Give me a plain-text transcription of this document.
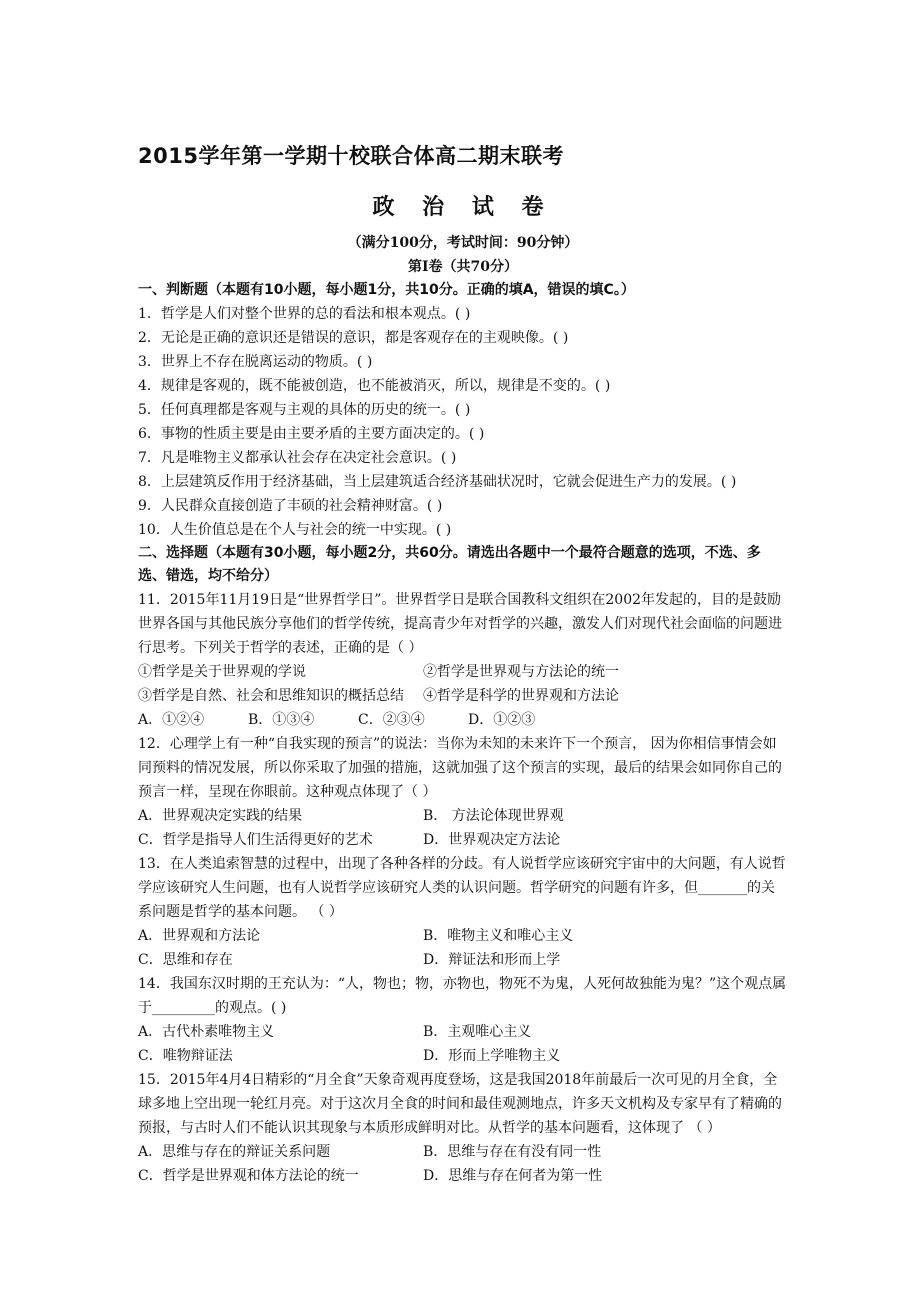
2015学年第一学期十校联合体高二期末联考
政 治 试 卷
（满分100分，考试时间：90分钟）
第Ⅰ卷（共70分）
一、判断题（本题有10小题，每小题1分，共10分。正确的填A，错误的填C。）
1．哲学是人们对整个世界的总的看法和根本观点。( )
2．无论是正确的意识还是错误的意识，都是客观存在的主观映像。( )
3．世界上不存在脱离运动的物质。( )
4．规律是客观的，既不能被创造，也不能被消灭，所以，规律是不变的。( )
5．任何真理都是客观与主观的具体的历史的统一。( )
6．事物的性质主要是由主要矛盾的主要方面决定的。( )
7．凡是唯物主义都承认社会存在决定社会意识。( )
8．上层建筑反作用于经济基础，当上层建筑适合经济基础状况时，它就会促进生产力的发展。( )
9．人民群众直接创造了丰硕的社会精神财富。( )
10．人生价值总是在个人与社会的统一中实现。( )
二、选择题（本题有30小题，每小题2分，共60分。请选出各题中一个最符合题意的选项，不选、多选、错选，均不给分）
11．2015年11月19日是“世界哲学日”。世界哲学日是联合国教科文组织在2002年发起的，目的是鼓励世界各国与其他民族分享他们的哲学传统，提高青少年对哲学的兴趣，激发人们对现代社会面临的问题进行思考。下列关于哲学的表述，正确的是（ ）
①哲学是关于世界观的学说	②哲学是世界观与方法论的统一
③哲学是自然、社会和思维知识的概括总结	④哲学是科学的世界观和方法论
A．①②④	B．①③④	C．②③④	D．①②③
12．心理学上有一种“自我实现的预言”的说法：当你为未知的未来许下一个预言， 因为你相信事情会如同预料的情况发展，所以你采取了加强的措施，这就加强了这个预言的实现，最后的结果会如同你自己的预言一样，呈现在你眼前。这种观点体现了（ ）
A．世界观决定实践的结果	B． 方法论体现世界观
C．哲学是指导人们生活得更好的艺术	D．世界观决定方法论
13．在人类追索智慧的过程中，出现了各种各样的分歧。有人说哲学应该研究宇宙中的大问题，有人说哲学应该研究人生问题，也有人说哲学应该研究人类的认识问题。哲学研究的问题有许多，但_______的关系问题是哲学的基本问题。 （ ）
A．世界观和方法论	B．唯物主义和唯心主义
C．思维和存在	D．辩证法和形而上学
14．我国东汉时期的王充认为：“人，物也；物，亦物也，物死不为鬼，人死何故独能为鬼？”这个观点属于_________的观点。( )
A．古代朴素唯物主义	B．主观唯心主义
C．唯物辩证法	D．形而上学唯物主义
15．2015年4月4日精彩的“月全食”天象奇观再度登场，这是我国2018年前最后一次可见的月全食，全球多地上空出现一轮红月亮。对于这次月全食的时间和最佳观测地点，许多天文机构及专家早有了精确的预报，与古时人们不能认识其现象与本质形成鲜明对比。从哲学的基本问题看，这体现了 （ ）
A．思维与存在的辩证关系问题	B．思维与存在有没有同一性
C．哲学是世界观和体方法论的统一	D．思维与存在何者为第一性
